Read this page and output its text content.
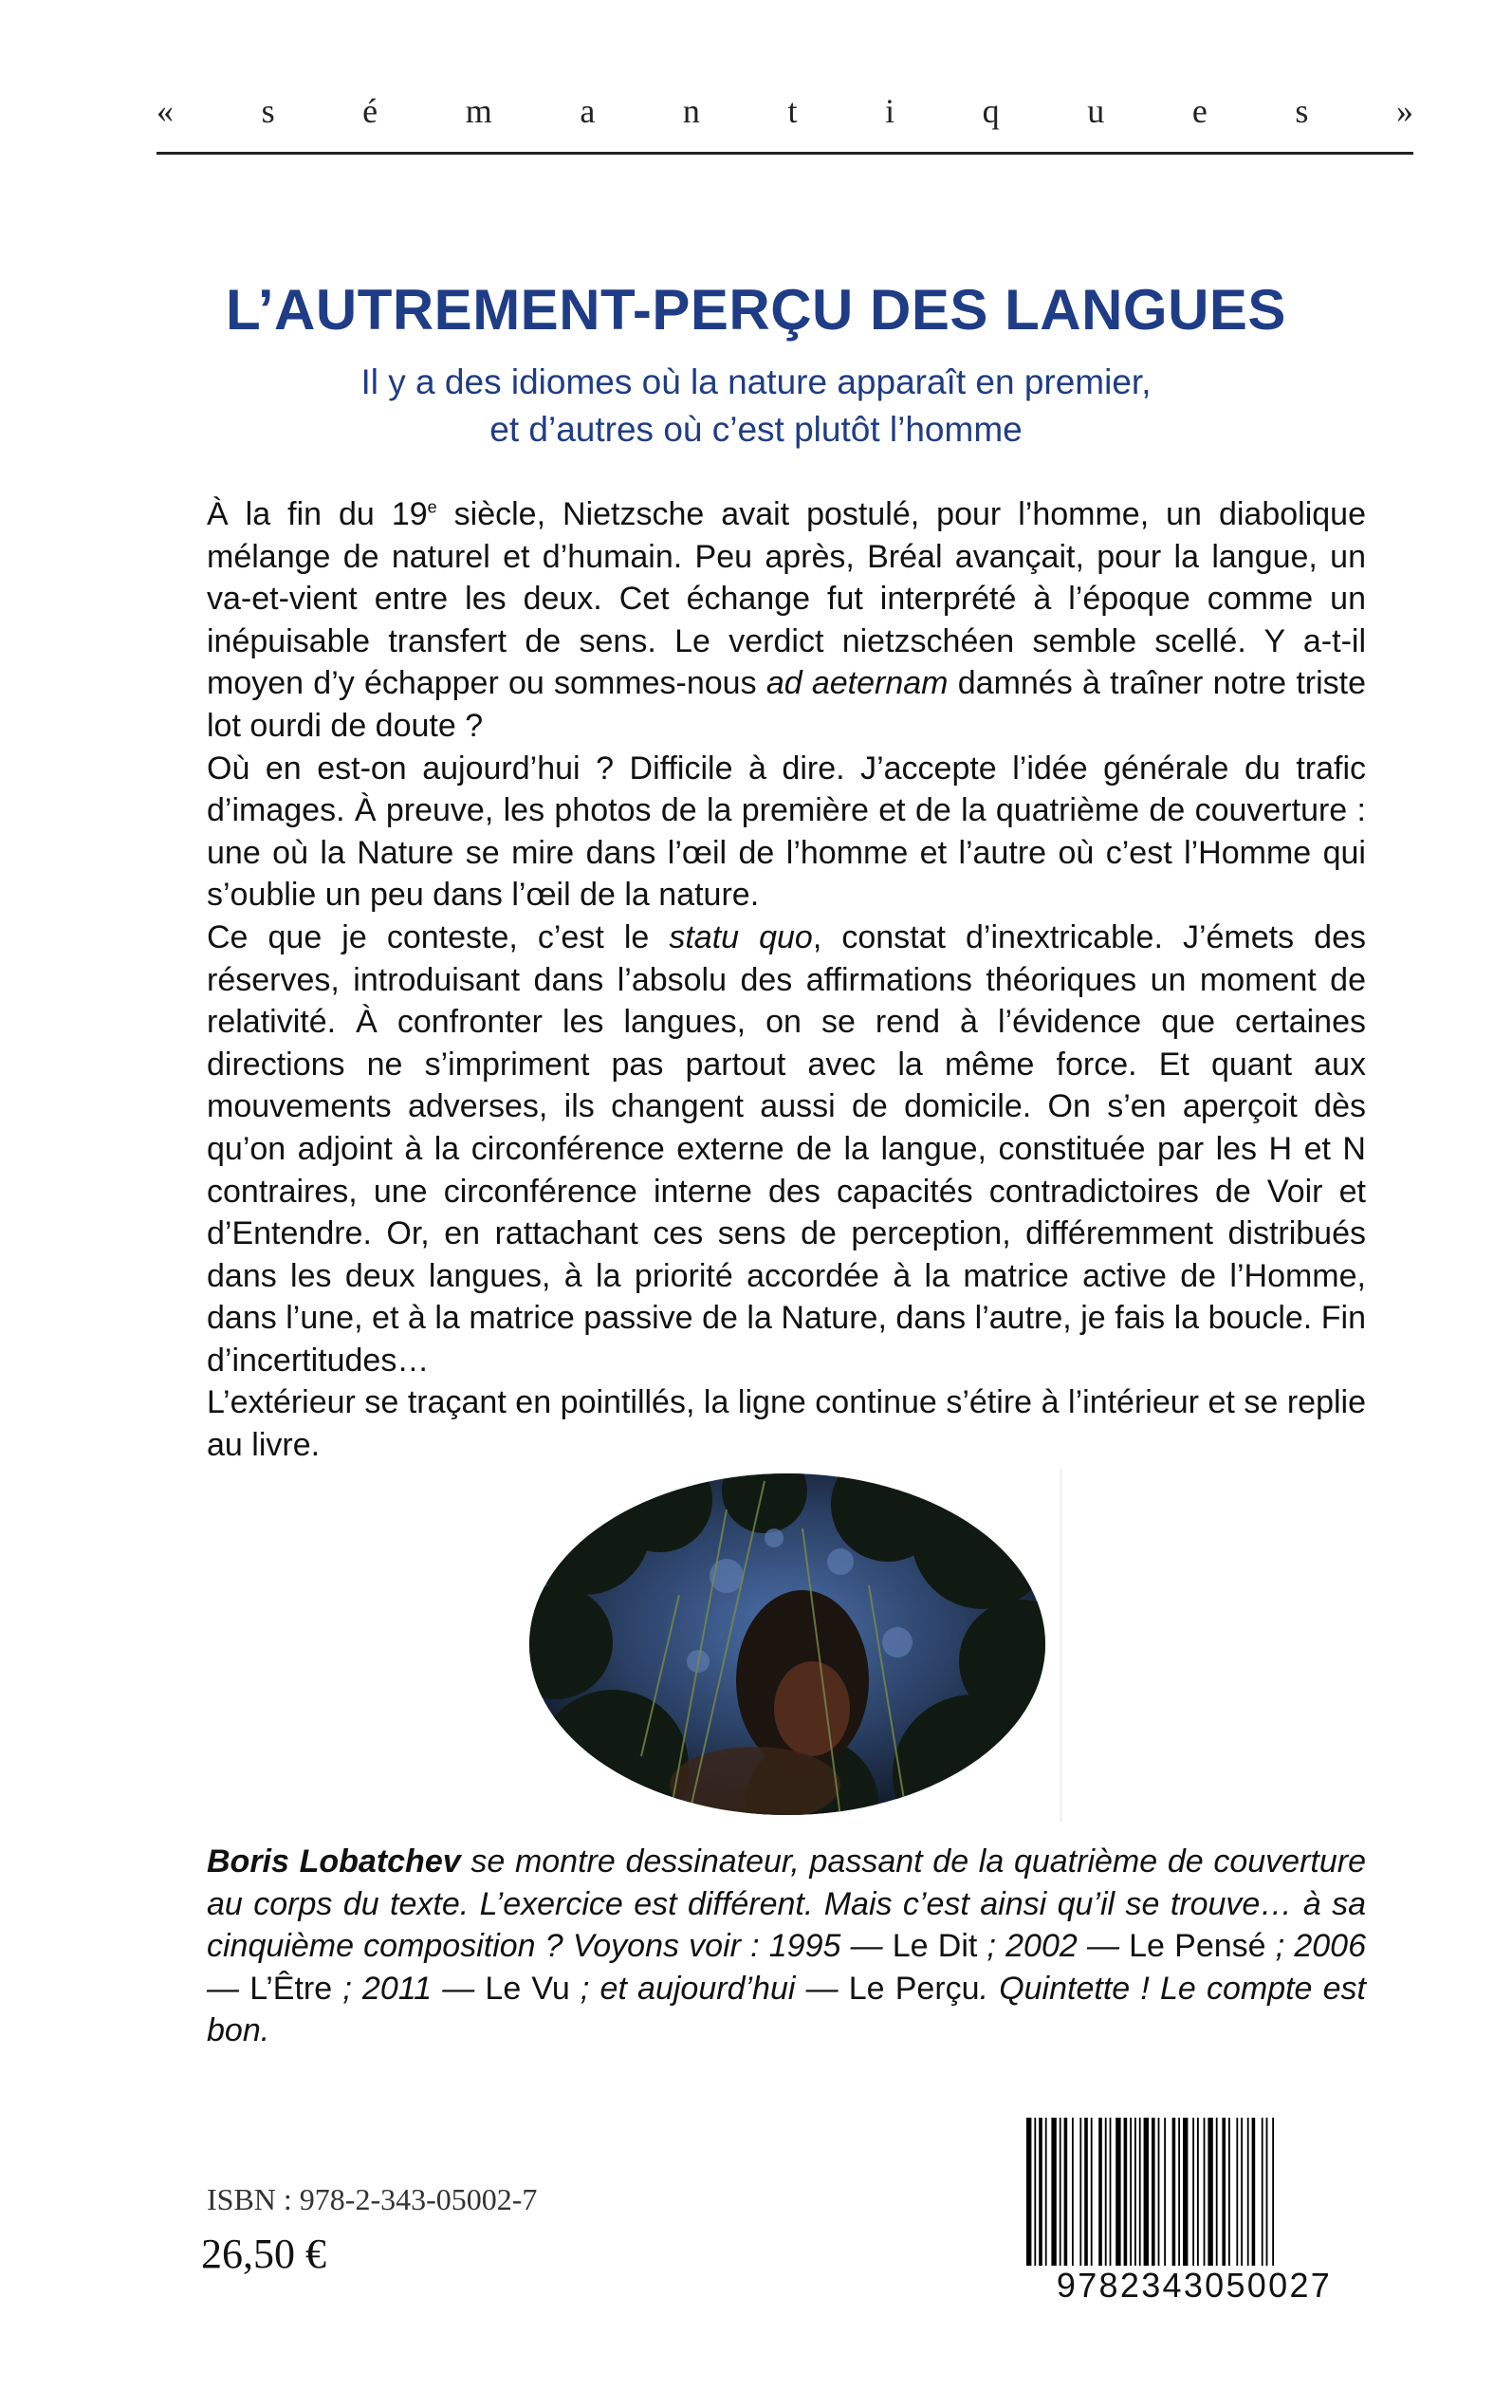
«	s	é	m	a	n	t	i	q	u	e	s	»
L’AUTREMENT-PERÇU DES LANGUES
Il y a des idiomes où la nature apparaît en premier,
et d’autres où c’est plutôt l’homme

À la fin du 19e siècle, Nietzsche avait postulé, pour l’homme, un diabolique mélange de naturel et d’humain. Peu après, Bréal avançait, pour la langue, un va-et-vient entre les deux. Cet échange fut interprété à l’époque comme un inépuisable transfert de sens. Le verdict nietzschéen semble scellé. Y a-t-il moyen d’y échapper ou sommes-nous ad aeternam damnés à traîner notre triste lot ourdi de doute ?

Où en est-on aujourd’hui ? Difficile à dire. J’accepte l’idée générale du trafic d’images. À preuve, les photos de la première et de la quatrième de couverture : une où la Nature se mire dans l’œil de l’homme et l’autre où c’est l’Homme qui s’oublie un peu dans l’œil de la nature.

Ce que je conteste, c’est le statu quo, constat d’inextricable. J’émets des réserves, introduisant dans l’absolu des affirmations théoriques un moment de relativité. À confronter les langues, on se rend à l’évidence que certaines directions ne s’impriment pas partout avec la même force. Et quant aux mouvements adverses, ils changent aussi de domicile. On s’en aperçoit dès qu’on adjoint à la circonférence externe de la langue, constituée par les H et N contraires, une circonférence interne des capacités contradictoires de Voir et d’Entendre. Or, en rattachant ces sens de perception, différemment distribués dans les deux langues, à la priorité accordée à la matrice active de l’Homme, dans l’une, et à la matrice passive de la Nature, dans l’autre, je fais la boucle. Fin d’incertitudes…

L’extérieur se traçant en pointillés, la ligne continue s’étire à l’intérieur et se replie au livre.

Boris Lobatchev se montre dessinateur, passant de la quatrième de couverture au corps du texte. L’exercice est différent. Mais c’est ainsi qu’il se trouve… à sa cinquième composition ? Voyons voir : 1995 — Le Dit ; 2002 — Le Pensé ; 2006 — L’Être ; 2011 — Le Vu ; et aujourd’hui — Le Perçu. Quintette ! Le compte est bon.
ISBN : 978-2-343-05002-7
26,50 €
9782343050027
